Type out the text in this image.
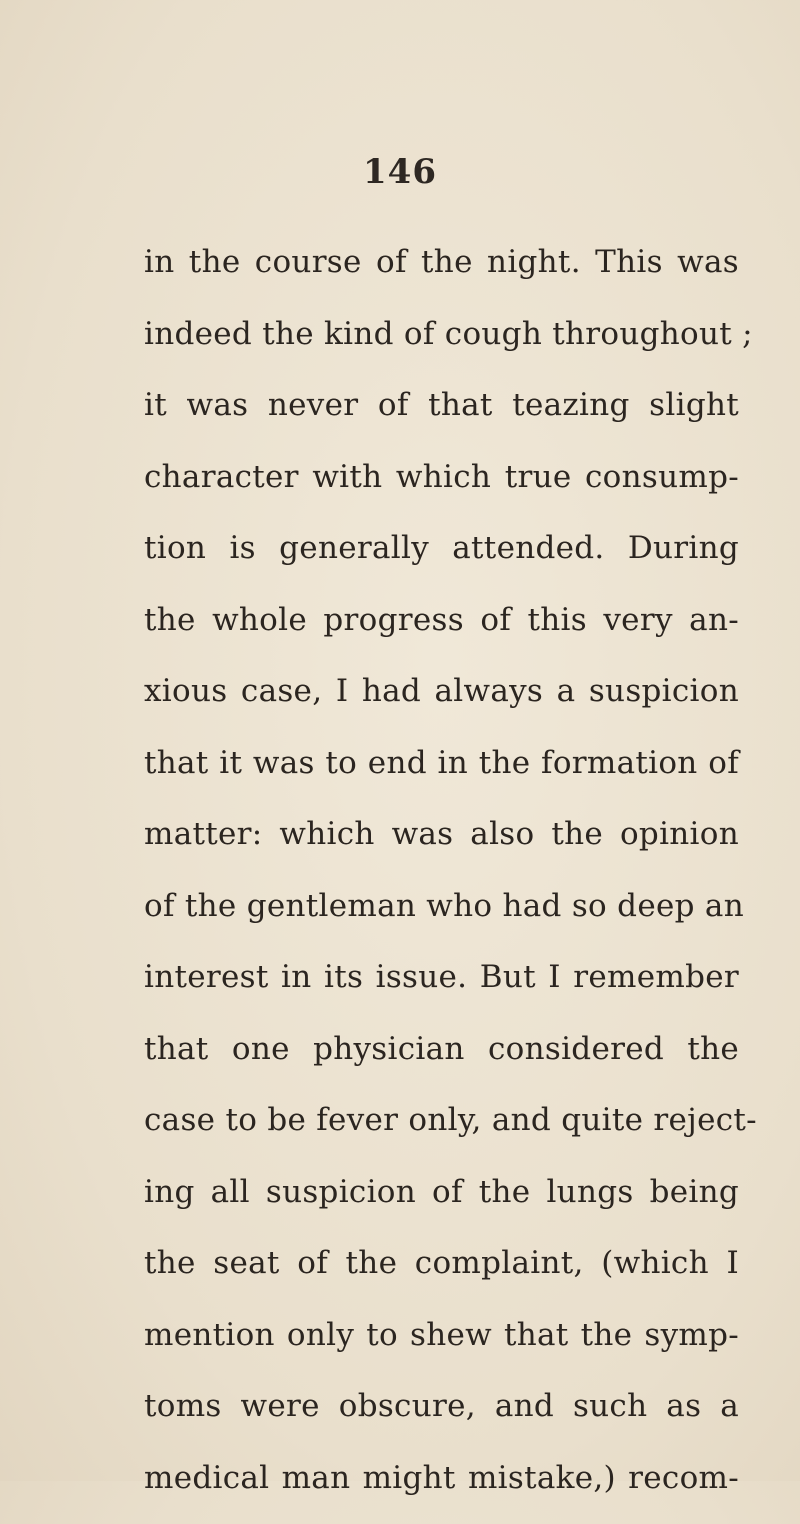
146
in the course of the night. This was
indeed the kind of cough throughout ;
it was never of that teazing slight
character with which true consump-
tion is generally attended. During
the whole progress of this very an-
xious case, I had always a suspicion
that it was to end in the formation of
matter: which was also the opinion
of the gentleman who had so deep an
interest in its issue. But I remember
that one physician considered the
case to be fever only, and quite reject-
ing all suspicion of the lungs being
the seat of the complaint, (which I
mention only to shew that the symp-
toms were obscure, and such as a
medical man might mistake,) recom-
